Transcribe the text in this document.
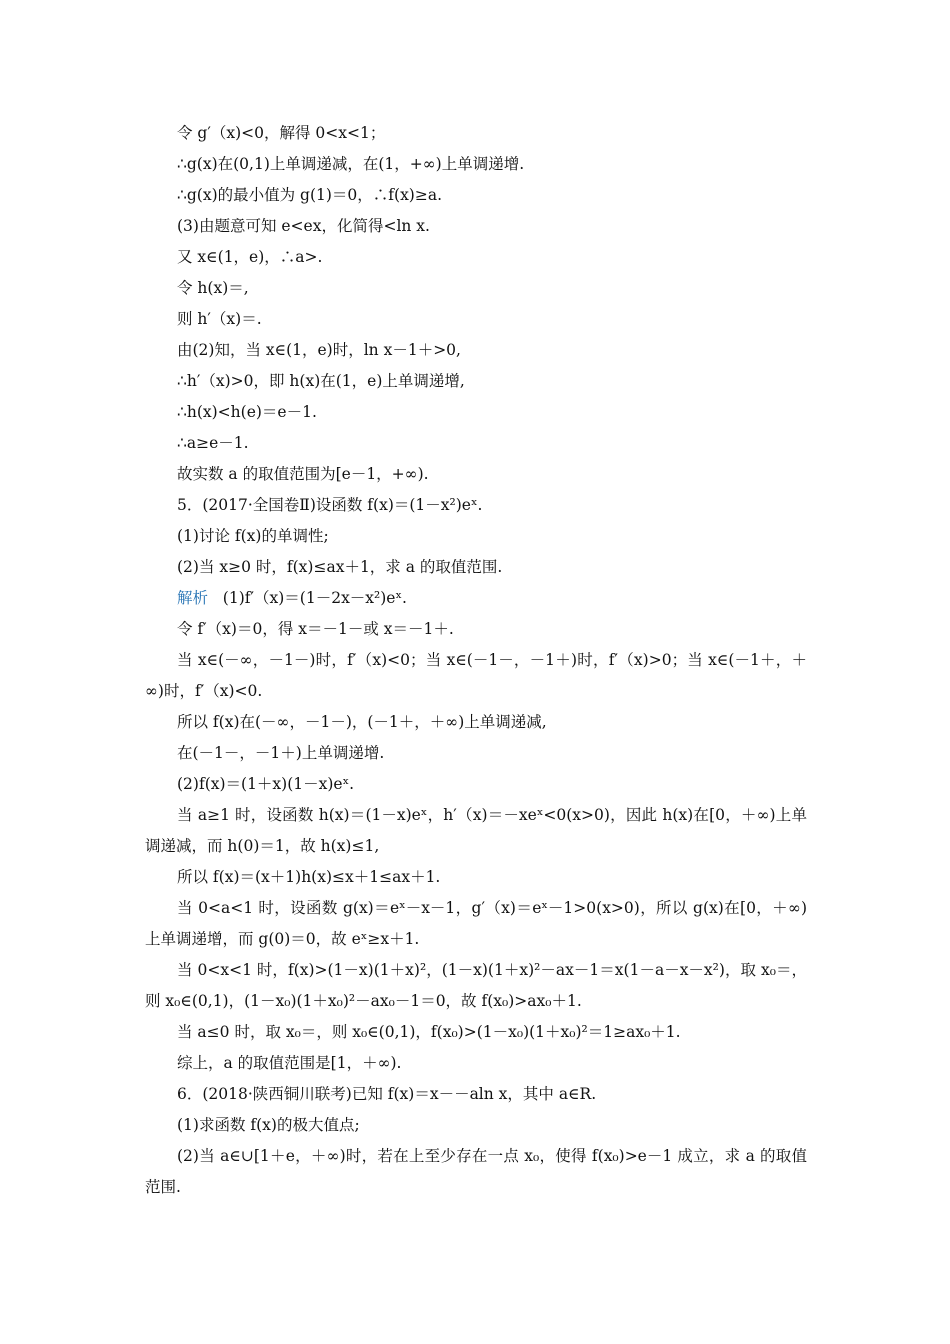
令 g′（x)<0，解得 0<x<1；
∴g(x)在(0,1)上单调递减，在(1，+∞)上单调递增.
∴g(x)的最小值为 g(1)＝0，∴f(x)≥a.
(3)由题意可知 e<ex，化简得<ln x.
又 x∈(1，e)，∴a>.
令 h(x)＝,
则 h′（x)＝.
由(2)知，当 x∈(1，e)时，ln x－1＋>0,
∴h′（x)>0，即 h(x)在(1，e)上单调递增,
∴h(x)<h(e)＝e－1.
∴a≥e－1.
故实数 a 的取值范围为[e－1，+∞).
5．(2017·全国卷Ⅱ)设函数 f(x)＝(1－x²)eˣ.
(1)讨论 f(x)的单调性;
(2)当 x≥0 时，f(x)≤ax＋1，求 a 的取值范围.
解析 (1)f′（x)＝(1－2x－x²)eˣ.
令 f′（x)＝0，得 x＝－1－或 x＝－1＋.
当 x∈(－∞，－1－)时，f′（x)<0；当 x∈(－1－，－1＋)时，f′（x)>0；当 x∈(－1＋，＋∞)时，f′（x)<0.
所以 f(x)在(－∞，－1－)，(－1＋，＋∞)上单调递减,
在(－1－，－1＋)上单调递增.
(2)f(x)＝(1＋x)(1－x)eˣ.
当 a≥1 时，设函数 h(x)＝(1－x)eˣ，h′（x)＝－xeˣ<0(x>0)，因此 h(x)在[0，＋∞)上单调递减，而 h(0)＝1，故 h(x)≤1,
所以 f(x)＝(x＋1)h(x)≤x＋1≤ax＋1.
当 0<a<1 时，设函数 g(x)＝eˣ－x－1，g′（x)＝eˣ－1>0(x>0)，所以 g(x)在[0，＋∞)上单调递增，而 g(0)＝0，故 eˣ≥x＋1.
当 0<x<1 时，f(x)>(1－x)(1＋x)²，(1－x)(1＋x)²－ax－1＝x(1－a－x－x²)，取 x₀＝，则 x₀∈(0,1)，(1－x₀)(1＋x₀)²－ax₀－1＝0，故 f(x₀)>ax₀＋1.
当 a≤0 时，取 x₀＝，则 x₀∈(0,1)，f(x₀)>(1－x₀)(1＋x₀)²＝1≥ax₀＋1.
综上，a 的取值范围是[1，＋∞).
6．(2018·陕西铜川联考)已知 f(x)＝x－－aln x，其中 a∈R.
(1)求函数 f(x)的极大值点;
(2)当 a∈∪[1＋e，＋∞)时，若在上至少存在一点 x₀，使得 f(x₀)>e－1 成立，求 a 的取值范围.
